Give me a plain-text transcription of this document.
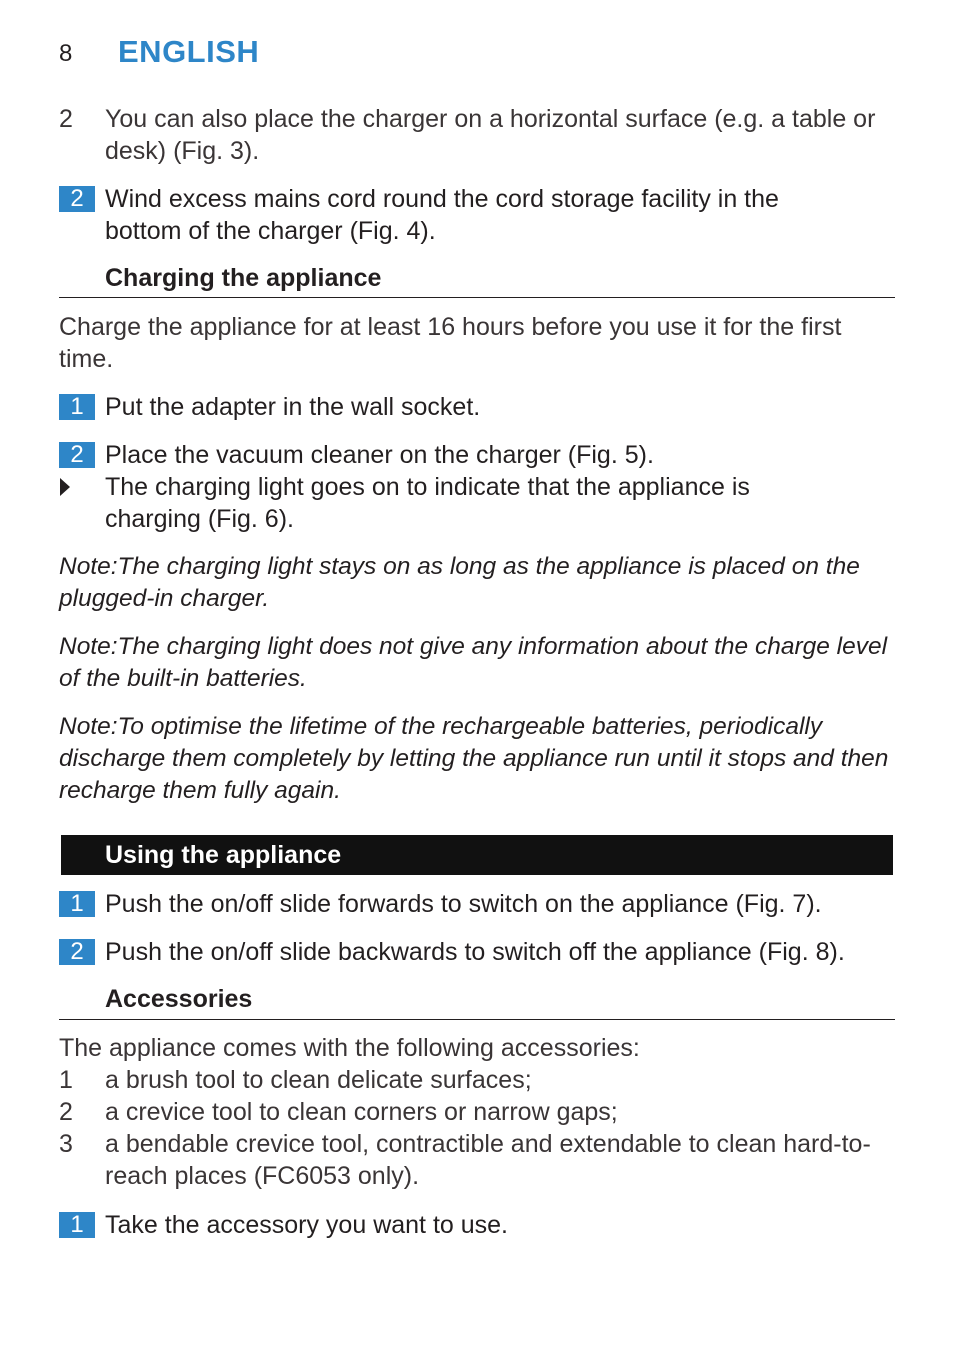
8 ENGLISH
2	You can also place the charger on a horizontal surface (e.g. a table or
desk) (Fig. 3).
2 Wind excess mains cord round the cord storage facility in the
bottom of the charger (Fig. 4).
Charging the appliance
Charge the appliance for at least 16 hours before you use it for the first
time.
1 Put the adapter in the wall socket.
2 Place the vacuum cleaner on the charger (Fig. 5).
The charging light goes on to indicate that the appliance is
charging (Fig. 6).
Note:The charging light stays on as long as the appliance is placed on the
plugged-in charger.
Note:The charging light does not give any information about the charge level
of the built-in batteries.
Note:To optimise the lifetime of the rechargeable batteries, periodically
discharge them completely by letting the appliance run until it stops and then
recharge them fully again.
Using the appliance
1 Push the on/off slide forwards to switch on the appliance (Fig. 7).
2 Push the on/off slide backwards to switch off the appliance (Fig. 8).
Accessories
The appliance comes with the following accessories:
1	a brush tool to clean delicate surfaces;
2	a crevice tool to clean corners or narrow gaps;
3	a bendable crevice tool, contractible and extendable to clean hard-to-
reach places (FC6053 only).
1 Take the accessory you want to use.
